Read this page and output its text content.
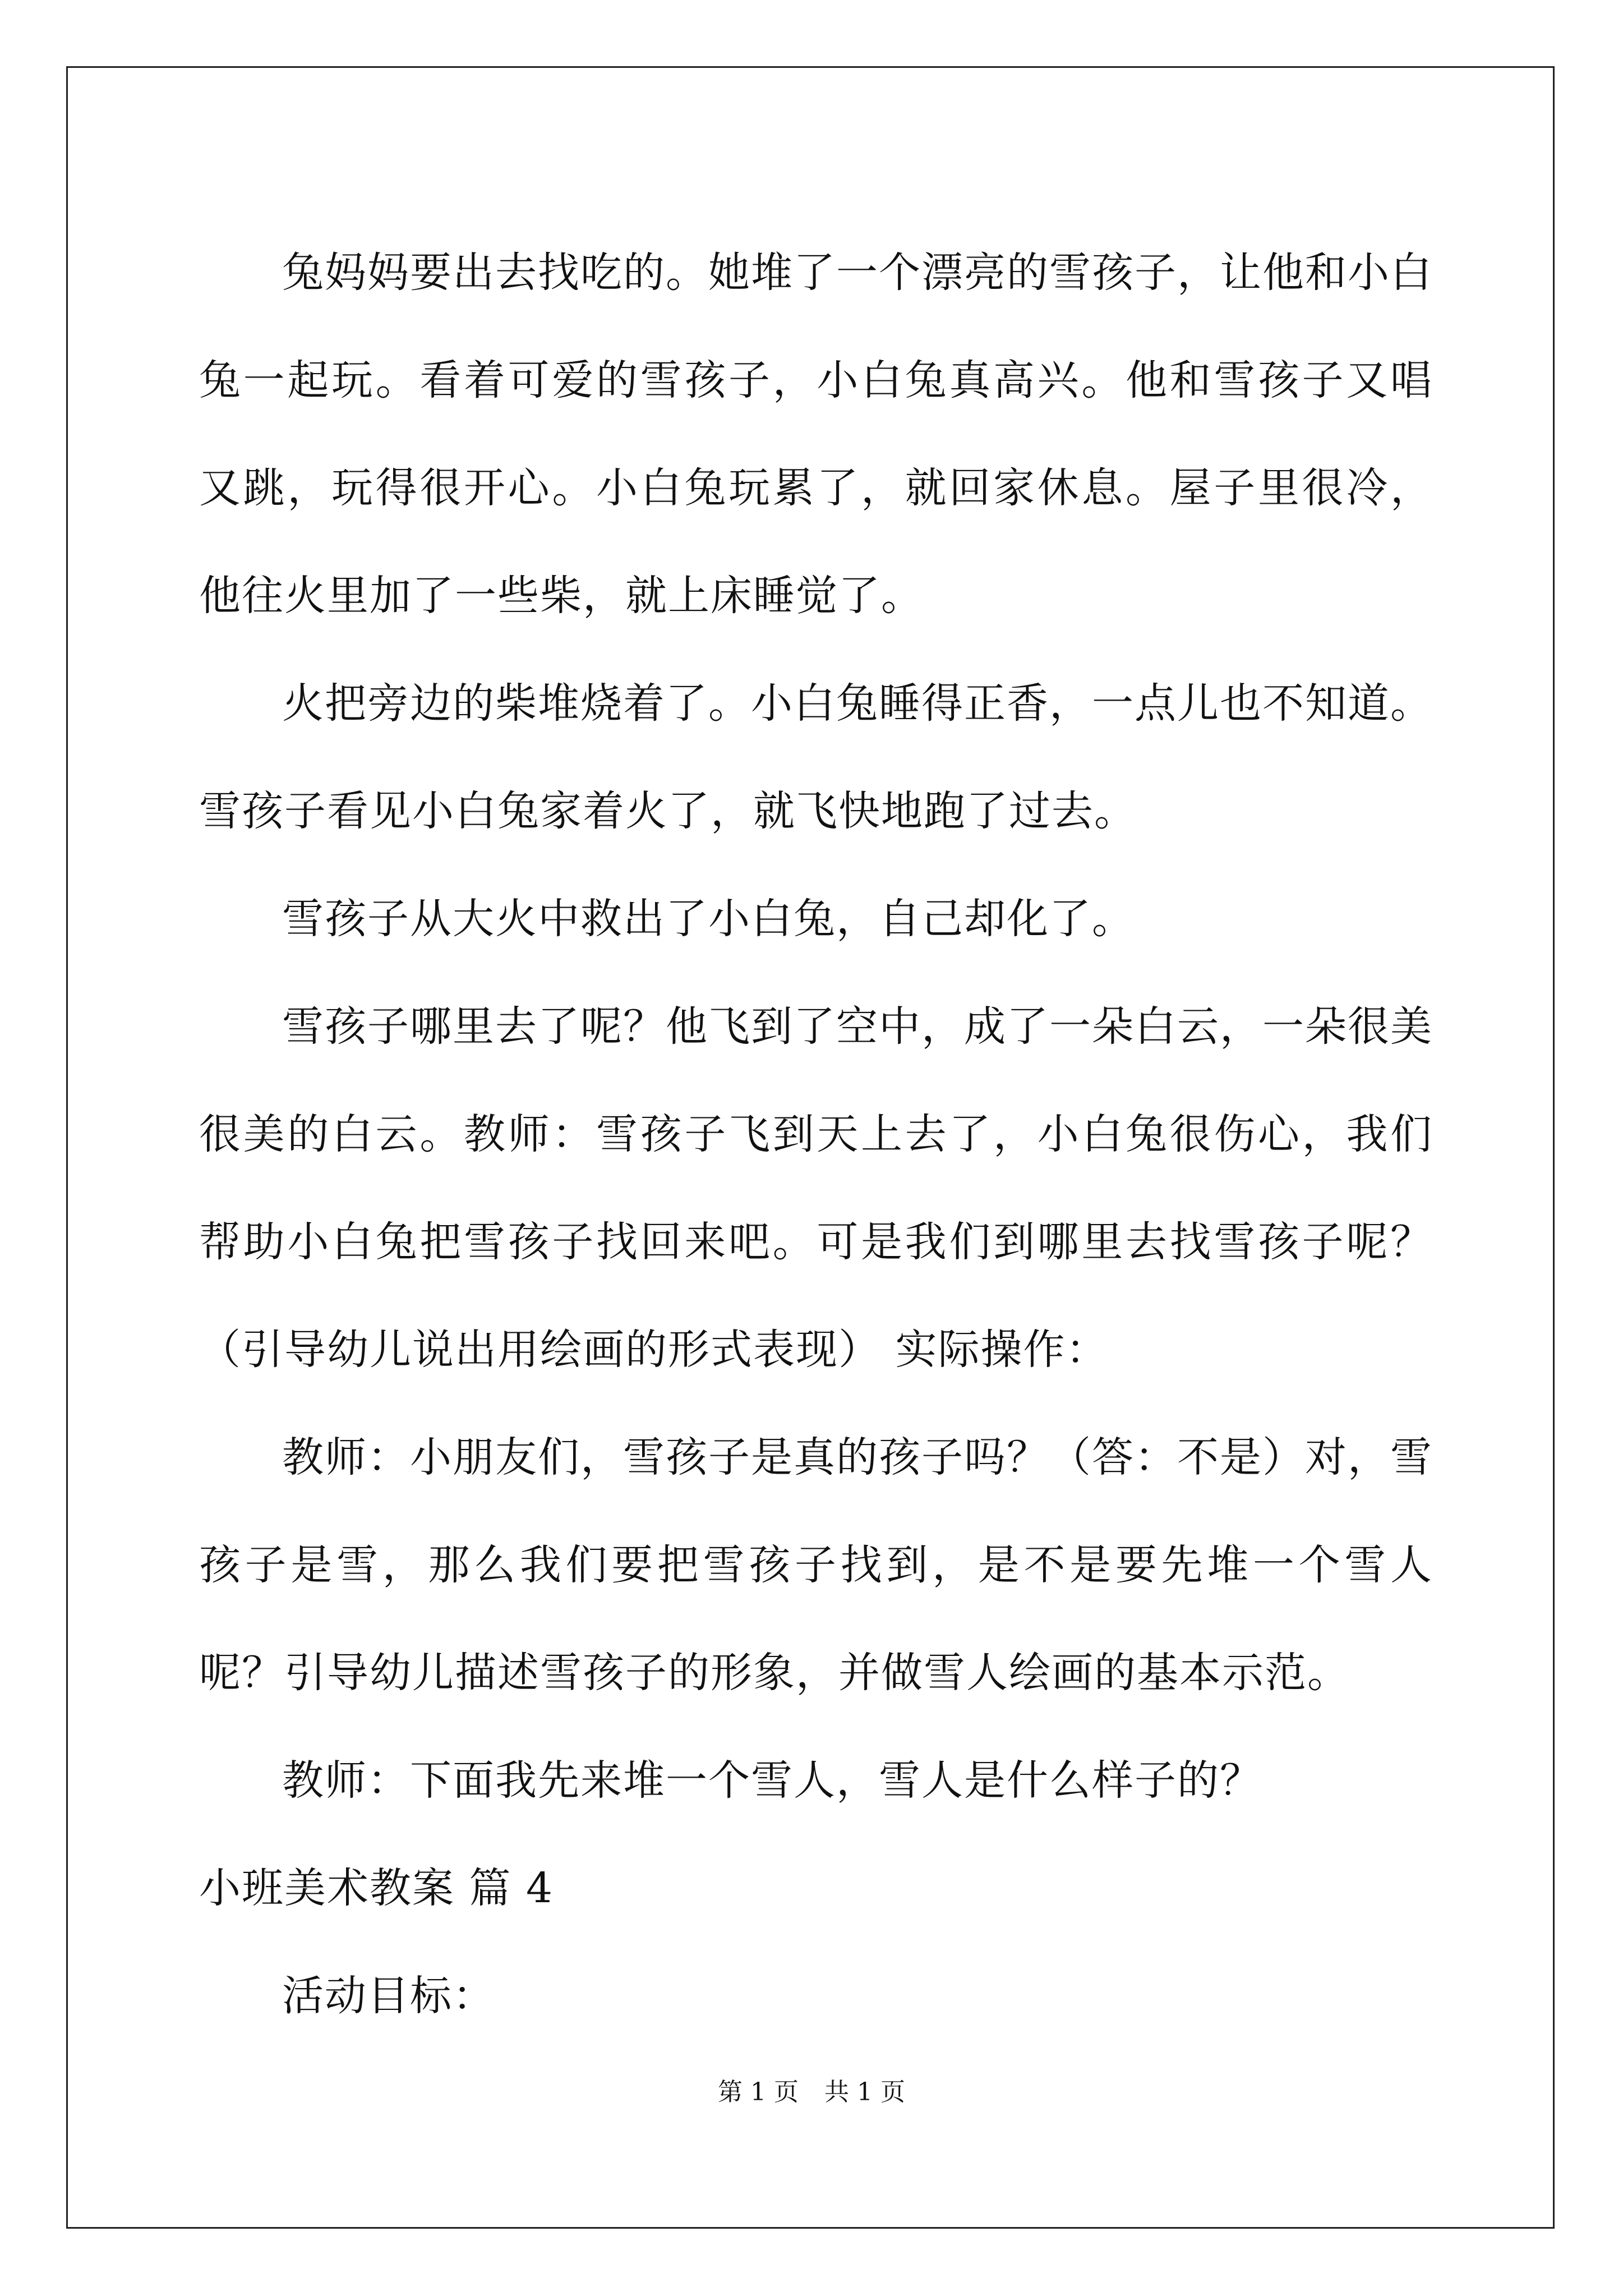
兔妈妈要出去找吃的。她堆了一个漂亮的雪孩子，让他和小白兔一起玩。看着可爱的雪孩子，小白兔真高兴。他和雪孩子又唱又跳，玩得很开心。小白兔玩累了，就回家休息。屋子里很冷，他往火里加了一些柴，就上床睡觉了。

火把旁边的柴堆烧着了。小白兔睡得正香，一点儿也不知道。雪孩子看见小白兔家着火了，就飞快地跑了过去。

雪孩子从大火中救出了小白兔，自己却化了。

雪孩子哪里去了呢？他飞到了空中，成了一朵白云，一朵很美很美的白云。教师：雪孩子飞到天上去了，小白兔很伤心，我们帮助小白兔把雪孩子找回来吧。可是我们到哪里去找雪孩子呢？（引导幼儿说出用绘画的形式表现） 实际操作：

教师：小朋友们，雪孩子是真的孩子吗？（答：不是）对，雪孩子是雪，那么我们要把雪孩子找到，是不是要先堆一个雪人呢？引导幼儿描述雪孩子的形象，并做雪人绘画的基本示范。

教师：下面我先来堆一个雪人，雪人是什么样子的？

小班美术教案 篇 4

活动目标：

第 1 页 共 1 页
